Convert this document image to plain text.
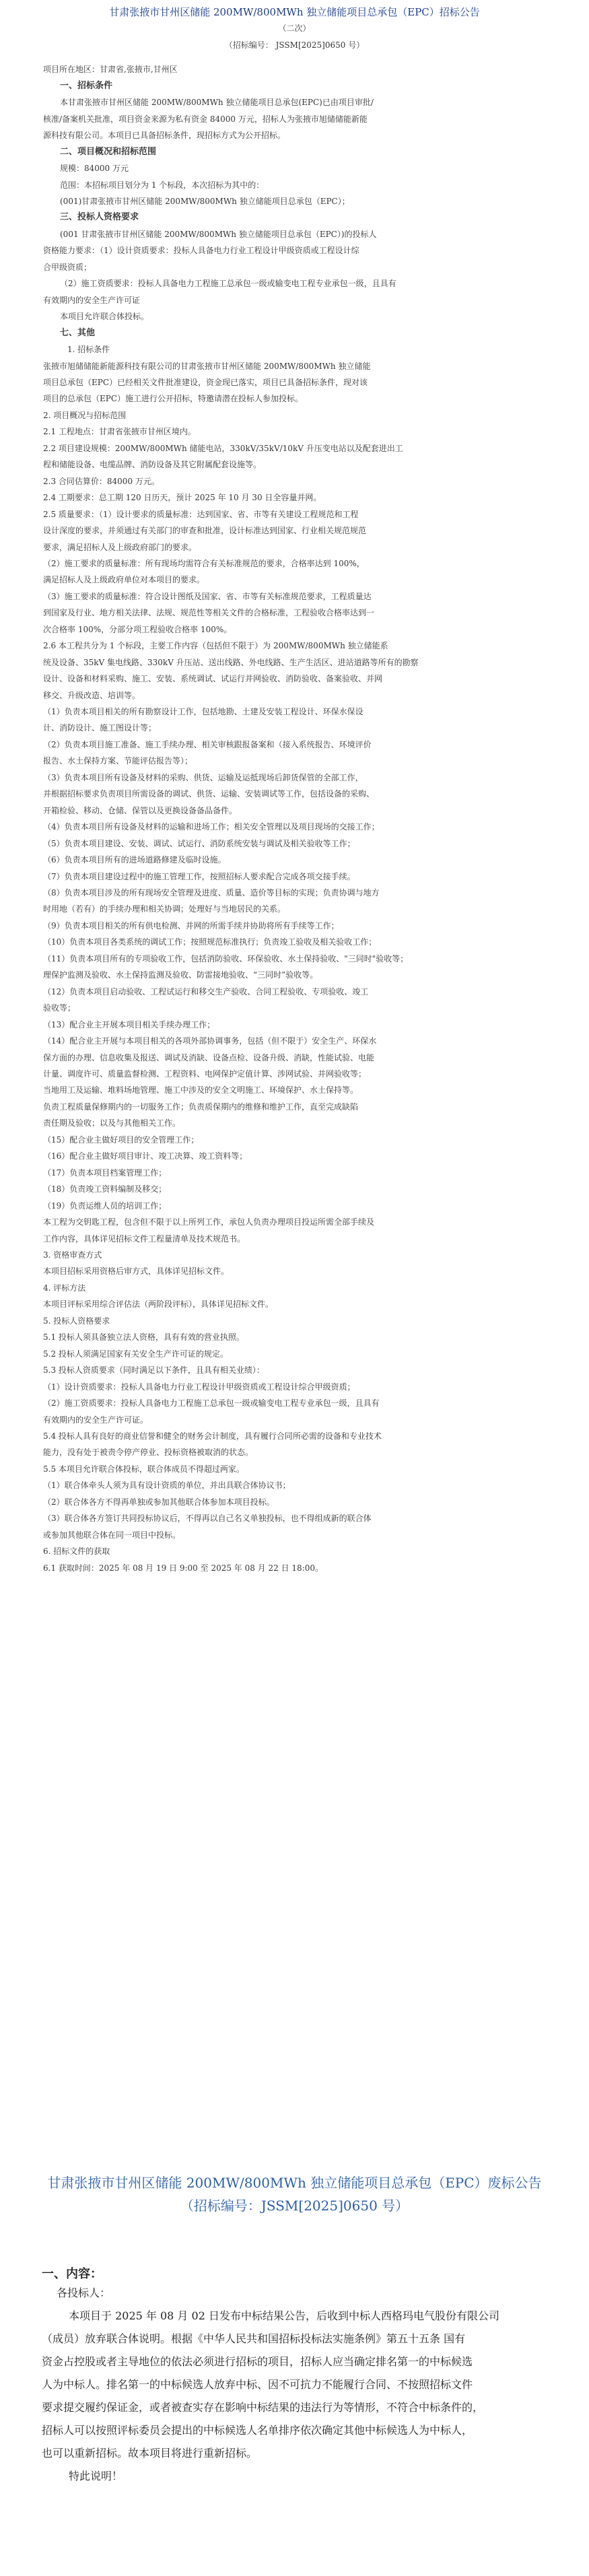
甘肃张掖市甘州区储能 200MW/800MWh 独立储能项目总承包（EPC）招标公告

（二次）

（招标编号： JSSM[2025]0650 号）

项目所在地区：甘肃省,张掖市,甘州区

一、招标条件

本甘肃张掖市甘州区储能 200MW/800MWh 独立储能项目总承包(EPC)已由项目审批/

核准/备案机关批准，项目资金来源为私有资金 84000 万元，招标人为张掖市旭储储能新能

源科技有限公司。本项目已具备招标条件，现招标方式为公开招标。

二、项目概况和招标范围

规模：84000 万元

范围：本招标项目划分为 1 个标段，本次招标为其中的：

(001)甘肃张掖市甘州区储能 200MW/800MWh 独立储能项目总承包（EPC）；

三、投标人资格要求

(001 甘肃张掖市甘州区储能 200MW/800MWh 独立储能项目总承包（EPC）)的投标人

资格能力要求：（1）设计资质要求：投标人具备电力行业工程设计甲级资质或工程设计综

合甲级资质；

（2）施工资质要求：投标人具备电力工程施工总承包一级或输变电工程专业承包一级，且具有

有效期内的安全生产许可证

本项目允许联合体投标。

七、其他

1. 招标条件

张掖市旭储储能新能源科技有限公司的甘肃张掖市甘州区储能 200MW/800MWh 独立储能

项目总承包（EPC）已经相关文件批准建设，资金现已落实，项目已具备招标条件，现对该

项目的总承包（EPC）施工进行公开招标，特邀请潜在投标人参加投标。

2. 项目概况与招标范围

2.1 工程地点：甘肃省张掖市甘州区境内。

2.2 项目建设规模：200MW/800MWh 储能电站，330kV/35kV/10kV 升压变电站以及配套进出工

程和储能设备、电缆品牌、消防设备及其它附属配套设施等。

2.3 合同估算价：84000 万元。

2.4 工期要求：总工期 120 日历天，预计 2025 年 10 月 30 日全容量并网。

2.5 质量要求：（1）设计要求的质量标准：达到国家、省、市等有关建设工程规范和工程

设计深度的要求，并须通过有关部门的审查和批准，设计标准达到国家、行业相关规范规范

要求，满足招标人及上级政府部门的要求。

（2）施工要求的质量标准：所有现场均需符合有关标准规范的要求，合格率达到 100%，

满足招标人及上级政府单位对本项目的要求。

（3）施工要求的质量标准：符合设计图纸及国家、省、市等有关标准规范要求，工程质量达

到国家及行业、地方相关法律、法规、规范性等相关文件的合格标准，工程验收合格率达到一

次合格率 100%，分部分项工程验收合格率 100%。

2.6 本工程共分为 1 个标段，主要工作内容（包括但不限于）为 200MW/800MWh 独立储能系

统及设备、35kV 集电线路、330kV 升压站、送出线路、外电线路、生产生活区、进站道路等所有的勘察

设计、设备和材料采购、施工、安装、系统调试、试运行并网验收、消防验收、备案验收、并网

移交、升级改造、培训等。

（1）负责本项目相关的所有勘察设计工作，包括地勘、土建及安装工程设计、环保水保设

计、消防设计、施工图设计等；

（2）负责本项目施工准备、施工手续办理、相关审核跟报备案和（接入系统报告、环境评价

报告、水土保持方案、节能评估报告等）；

（3）负责本项目所有设备及材料的采购、供货、运输及运抵现场后卸货保管的全部工作，

并根据招标要求负责项目所需设备的调试、供货、运输、安装调试等工作，包括设备的采购、

开箱检验、移动、仓储、保管以及更换设备备品备件。

（4）负责本项目所有设备及材料的运输和进场工作；相关安全管理以及项目现场的交接工作；

（5）负责本项目建设、安装、调试、试运行、消防系统安装与调试及相关验收等工作；

（6）负责本项目所有的进场道路修建及临时设施。

（7）负责本项目建设过程中的施工管理工作，按照招标人要求配合完成各项交接手续。

（8）负责本项目涉及的所有现场安全管理及进度、质量、造价等目标的实现；负责协调与地方

时用地（若有）的手续办理和相关协调；处理好与当地居民的关系。

（9）负责本项目相关的所有供电检测、并网的所需手续并协助将所有手续等工作；

（10）负责本项目各类系统的调试工作；按照规范标准执行；负责竣工验收及相关验收工作；

（11）负责本项目所有的专项验收工作，包括消防验收、环保验收、水土保持验收、"三同时"验收等；

理保护监测及验收、水土保持监测及验收、防雷接地验收、“三同时”验收等。

（12）负责本项目启动验收、工程试运行和移交生产验收、合同工程验收、专项验收、竣工

验收等；

（13）配合业主开展本项目相关手续办理工作；

（14）配合业主开展与本项目相关的各项外部协调事务，包括（但不限于）安全生产、环保水

保方面的办理、信息收集及报送、调试及消缺、设备点检、设备升级、消缺，性能试验、电能

计量、调度许可、质量监督检测、工程资料、电网保护定值计算、涉网试验、并网验收等；

当地用工及运输、堆料场地管理、施工中涉及的安全文明施工、环境保护、水土保持等。

负责工程质量保修期内的一切服务工作；负责质保期内的维修和维护工作，直至完成缺陷

责任期及验收；以及与其他相关工作。

（15）配合业主做好项目的安全管理工作；

（16）配合业主做好项目审计、竣工决算、竣工资料等；

（17）负责本项目档案管理工作；

（18）负责竣工资料编制及移交；

（19）负责运维人员的培训工作；

本工程为交钥匙工程，包含但不限于以上所列工作，承包人负责办理项目投运所需全部手续及

工作内容，具体详见招标文件工程量清单及技术规范书。

3. 资格审查方式

本项目招标采用资格后审方式，具体详见招标文件。

4. 评标方法

本项目评标采用综合评估法（两阶段评标），具体详见招标文件。

5. 投标人资格要求

5.1 投标人须具备独立法人资格，具有有效的营业执照。

5.2 投标人须满足国家有关安全生产许可证的规定。

5.3 投标人资质要求（同时满足以下条件，且具有相关业绩）：

（1）设计资质要求：投标人具备电力行业工程设计甲级资质或工程设计综合甲级资质；

（2）施工资质要求：投标人具备电力工程施工总承包一级或输变电工程专业承包一级，且具有

有效期内的安全生产许可证。

5.4 投标人具有良好的商业信誉和健全的财务会计制度，具有履行合同所必需的设备和专业技术

能力，没有处于被责令停产停业、投标资格被取消的状态。

5.5 本项目允许联合体投标，联合体成员不得超过两家。

（1）联合体牵头人须为具有设计资质的单位，并出具联合体协议书；

（2）联合体各方不得再单独或参加其他联合体参加本项目投标。

（3）联合体各方签订共同投标协议后，不得再以自己名义单独投标，也不得组成新的联合体

或参加其他联合体在同一项目中投标。

6. 招标文件的获取

6.1 获取时间：2025 年 08 月 19 日 9:00 至 2025 年 08 月 22 日 18:00。

甘肃张掖市甘州区储能 200MW/800MWh 独立储能项目总承包（EPC）废标公告

（招标编号：JSSM[2025]0650 号）

一、内容：

各投标人：

本项目于 2025 年 08 月 02 日发布中标结果公告，后收到中标人西格玛电气股份有限公司

（成员）放弃联合体说明。根据《中华人民共和国招标投标法实施条例》第五十五条 国有

资金占控股或者主导地位的依法必须进行招标的项目，招标人应当确定排名第一的中标候选

人为中标人。排名第一的中标候选人放弃中标、因不可抗力不能履行合同、不按照招标文件

要求提交履约保证金，或者被查实存在影响中标结果的违法行为等情形，不符合中标条件的，

招标人可以按照评标委员会提出的中标候选人名单排序依次确定其他中标候选人为中标人，

也可以重新招标。故本项目将进行重新招标。

特此说明！
